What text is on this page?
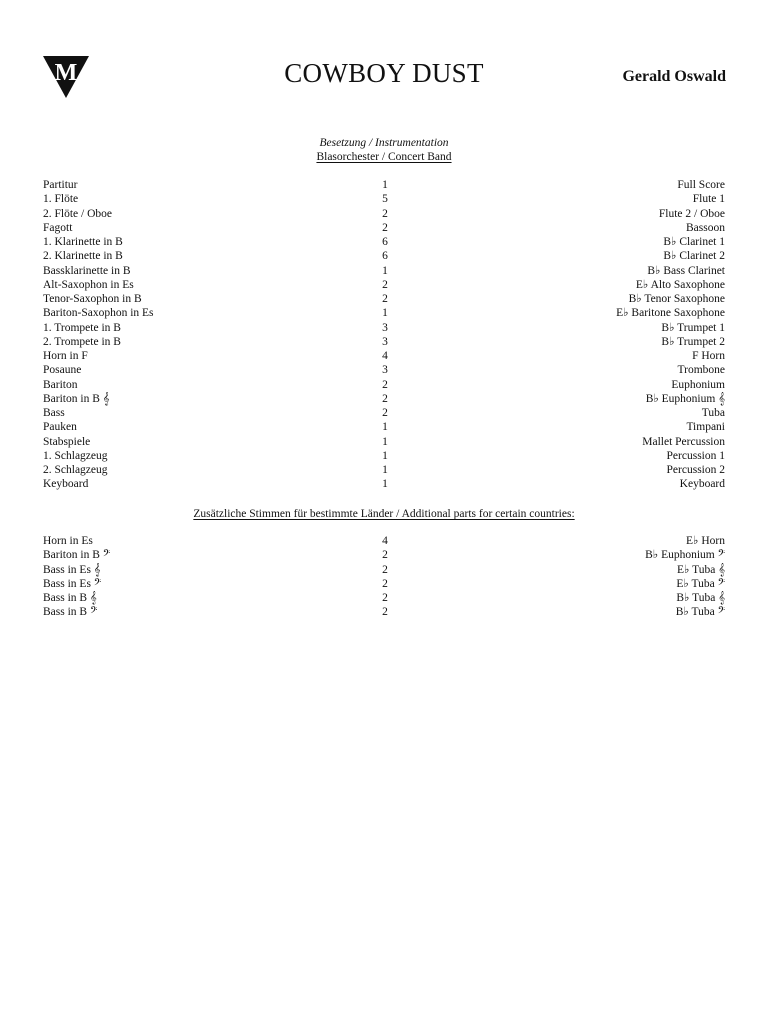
M	COWBOY DUST	Gerald Oswald
Besetzung / Instrumentation
Blasorchester / Concert Band
Partitur	1	Full Score
1. Flöte	5	Flute 1
2. Flöte / Oboe	2	Flute 2 / Oboe
Fagott	2	Bassoon
1. Klarinette in B	6	B♭ Clarinet 1
2. Klarinette in B	6	B♭ Clarinet 2
Bassklarinette in B	1	B♭ Bass Clarinet
Alt-Saxophon in Es	2	E♭ Alto Saxophone
Tenor-Saxophon in B	2	B♭ Tenor Saxophone
Bariton-Saxophon in Es	1	E♭ Baritone Saxophone
1. Trompete in B	3	B♭ Trumpet 1
2. Trompete in B	3	B♭ Trumpet 2
Horn in F	4	F Horn
Posaune	3	Trombone
Bariton	2	Euphonium
Bariton in B 𝄞	2	B♭ Euphonium 𝄞
Bass	2	Tuba
Pauken	1	Timpani
Stabspiele	1	Mallet Percussion
1. Schlagzeug	1	Percussion 1
2. Schlagzeug	1	Percussion 2
Keyboard	1	Keyboard
Zusätzliche Stimmen für bestimmte Länder / Additional parts for certain countries:
Horn in Es	4	E♭ Horn
Bariton in B 𝄢	2	B♭ Euphonium 𝄢
Bass in Es 𝄞	2	E♭ Tuba 𝄞
Bass in Es 𝄢	2	E♭ Tuba 𝄢
Bass in B 𝄞	2	B♭ Tuba 𝄞
Bass in B 𝄢	2	B♭ Tuba 𝄢
